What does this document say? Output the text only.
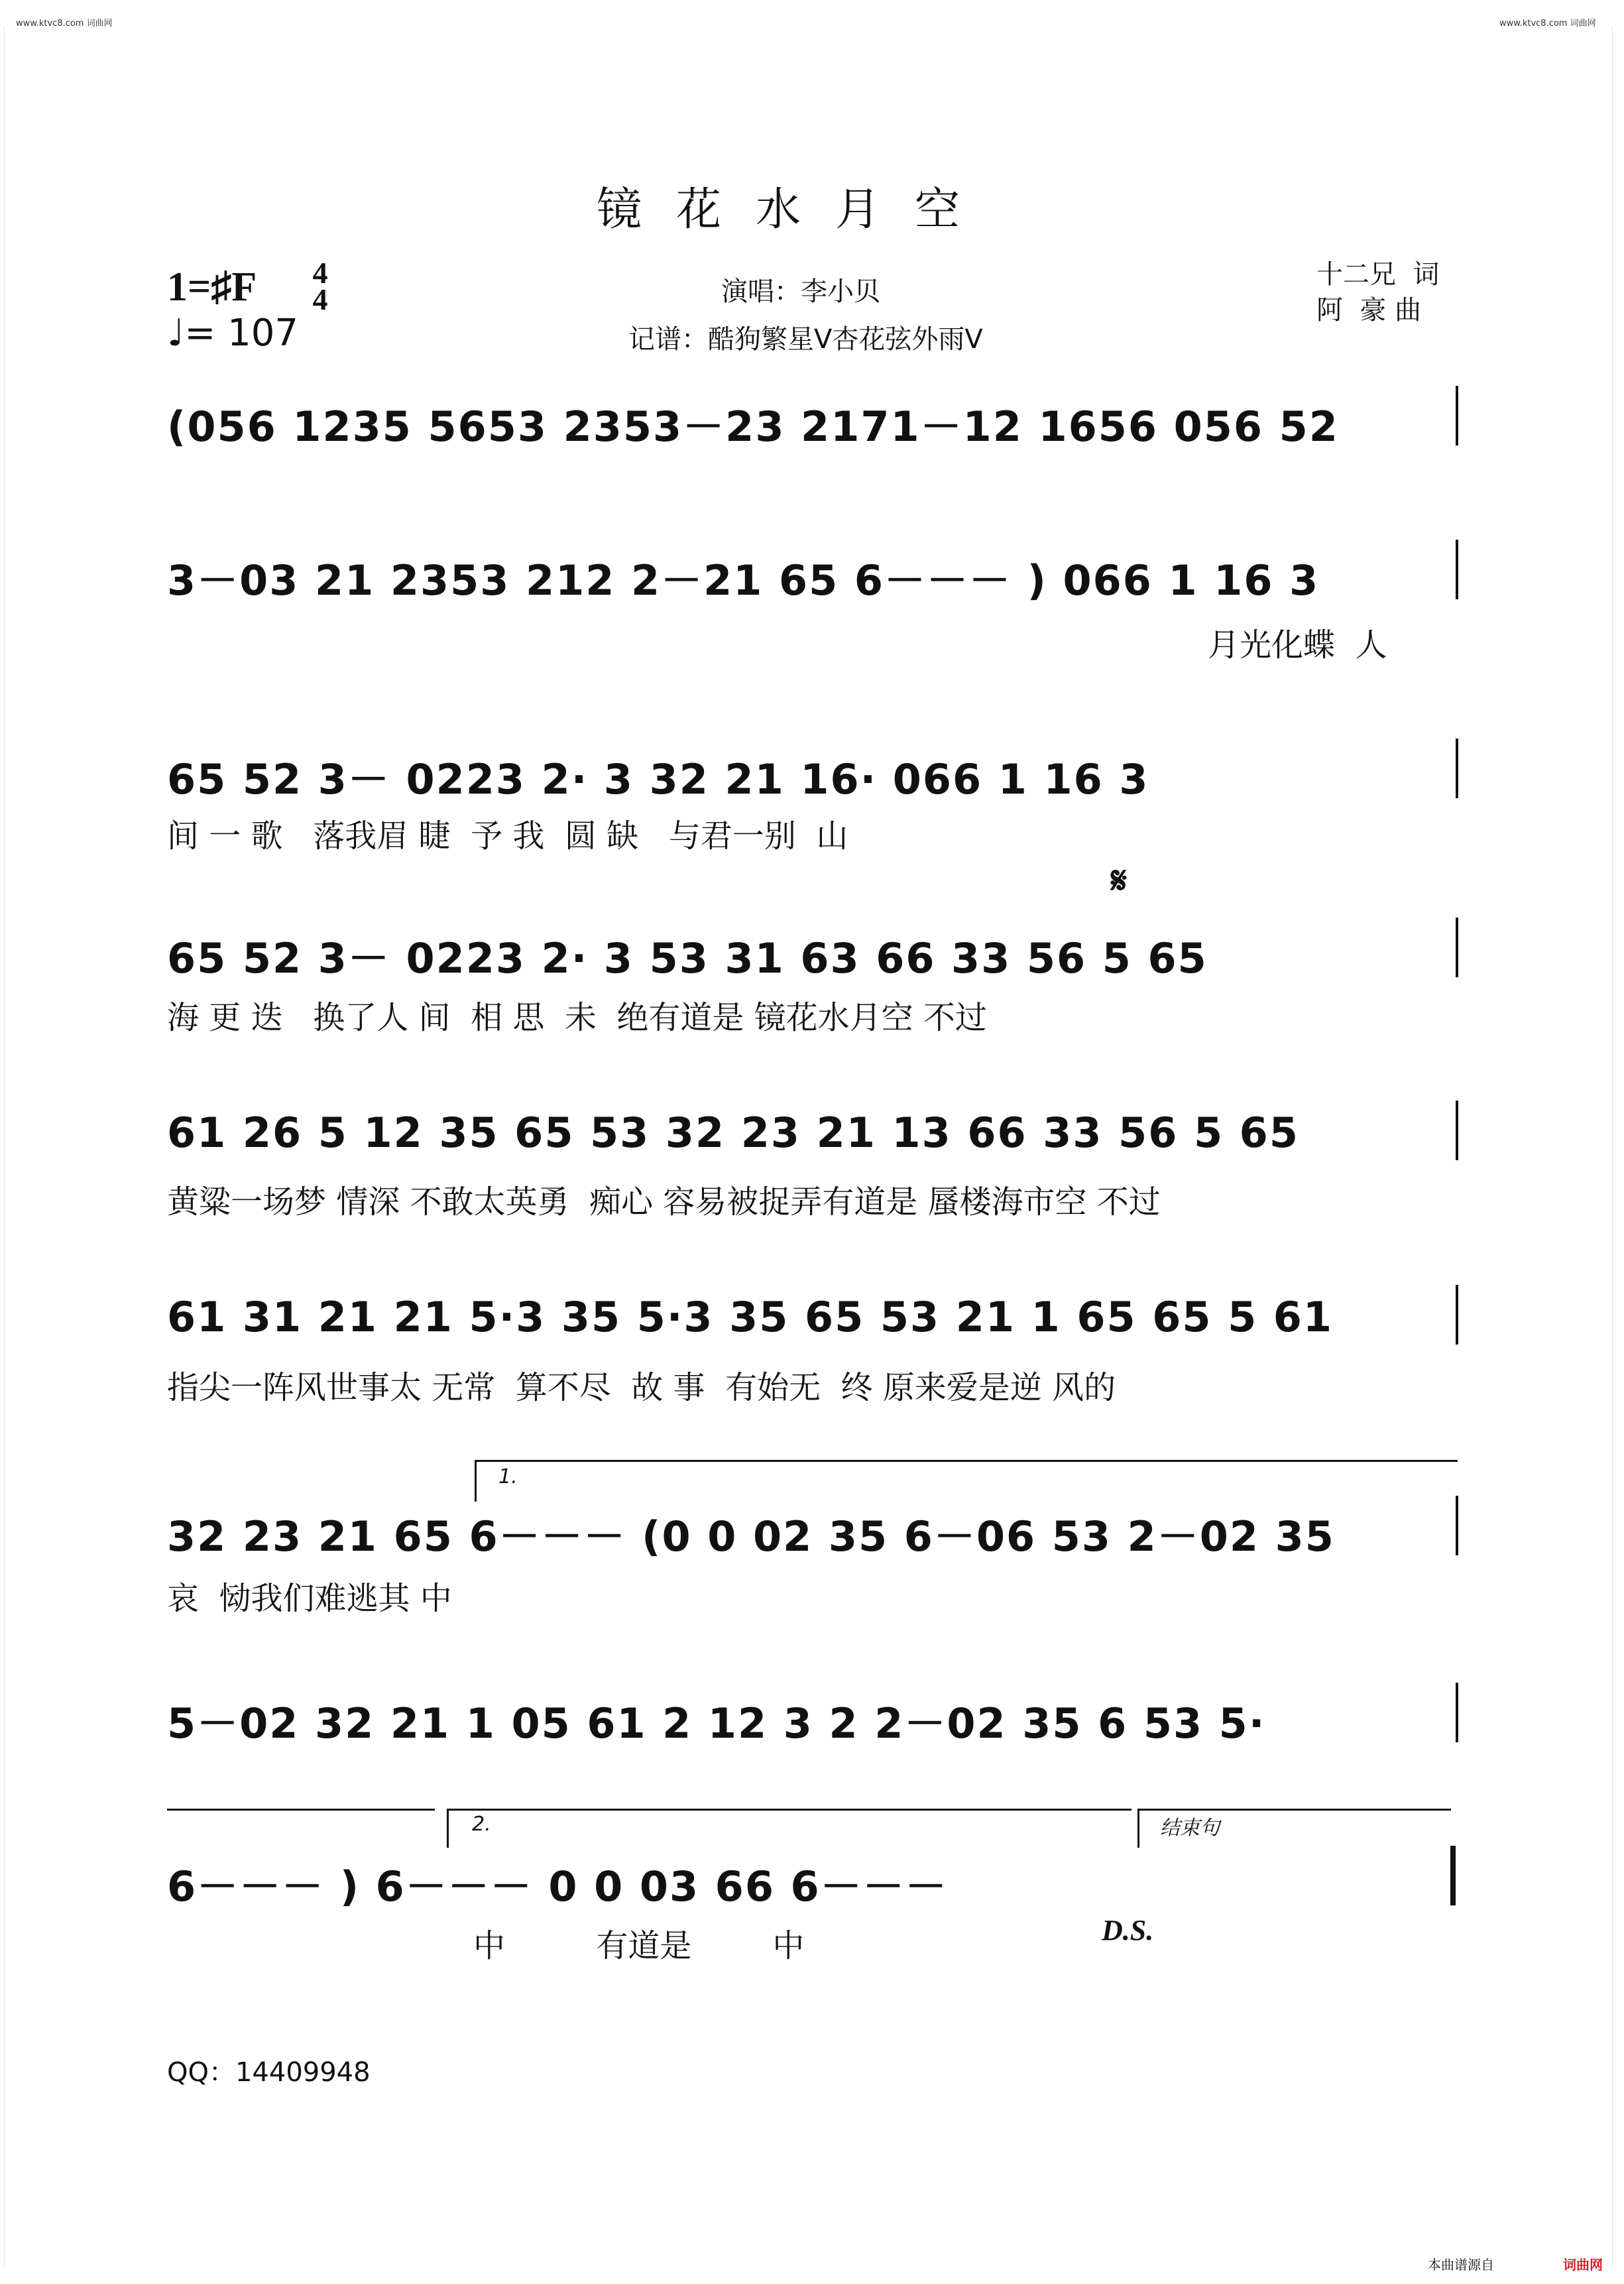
www.ktvc8.com 词曲网	www.ktvc8.com 词曲网
镜花水月空
1=♯F 4
4
♩= 107
演唱：李小贝
记谱：酷狗繁星V杏花弦外雨V
十二兄  词
阿  豪 曲
(056 1235 5653 2353－23 2171－12 1656 056 52
3－03 21 2353 212 2－21 65 6－－－ ) 066 1 16 3
月光化蝶  人
65 52 3－ 0223 2· 3 32 21 16· 066 1 16 3
间 一 歌   落我眉 睫  予 我  圆 缺   与君一别  山
𝄋
65 52 3－ 0223 2· 3 53 31 63 66 33 56 5 65
海 更 迭   换了人 间  相 思  未  绝有道是 镜花水月空 不过
61 26 5 12 35 65 53 32 23 21 13 66 33 56 5 65
黄粱一场梦 情深 不敢太英勇  痴心 容易被捉弄有道是 蜃楼海市空 不过
61 31 21 21 5·3 35 5·3 35 65 53 21 1 65 65 5 61
指尖一阵风世事太 无常  算不尽  故 事  有始无  终 原来爱是逆 风的
1.
32 23 21 65 6－－－ (0 0 02 35 6－06 53 2－02 35
哀  恸我们难逃其 中
5－02 32 21 1 05 61 2 12 3 2 2－02 35 6 53 5·
2.	结束句
6－－－ ) 6－－－ 0 0 03 66 6－－－
中         有道是        中	D.S.
QQ：14409948
本曲谱源自	词曲网
